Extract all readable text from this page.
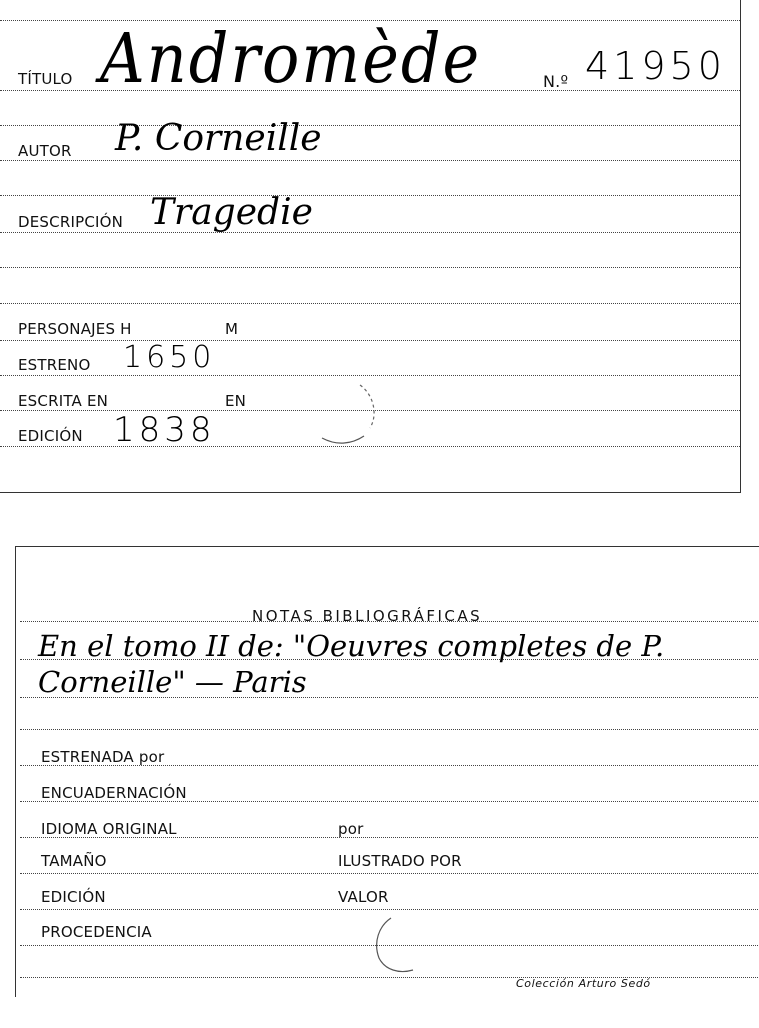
TÍTULO Andromède	N.º 41950
AUTOR P. Corneille
DESCRIPCIÓN Tragedie
PERSONAJES H	M
ESTRENO 1650
ESCRITA EN	EN
EDICIÓN 1838
NOTAS BIBLIOGRÁFICAS
En el tomo II de: "Oeuvres completes de P.
Corneille" — Paris
ESTRENADA por
ENCUADERNACIÓN
IDIOMA ORIGINAL	por
TAMAÑO	ILUSTRADO POR
EDICIÓN	VALOR
PROCEDENCIA
Colección Arturo Sedó
